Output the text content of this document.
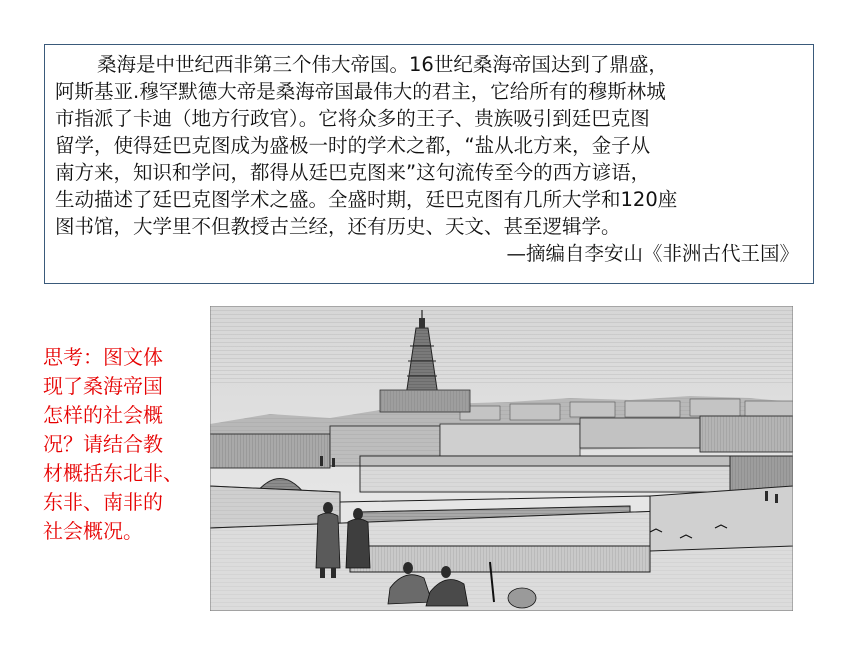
桑海是中世纪西非第三个伟大帝国。16世纪桑海帝国达到了鼎盛，
阿斯基亚.穆罕默德大帝是桑海帝国最伟大的君主，它给所有的穆斯林城
市指派了卡迪（地方行政官）。它将众多的王子、贵族吸引到廷巴克图
留学，使得廷巴克图成为盛极一时的学术之都，“盐从北方来，金子从
南方来，知识和学问，都得从廷巴克图来”这句流传至今的西方谚语，
生动描述了廷巴克图学术之盛。全盛时期，廷巴克图有几所大学和120座
图书馆，大学里不但教授古兰经，还有历史、天文、甚至逻辑学。
—摘编自李安山《非洲古代王国》
思考：图文体
现了桑海帝国
怎样的社会概
况？请结合教
材概括东北非、
东非、南非的
社会概况。
